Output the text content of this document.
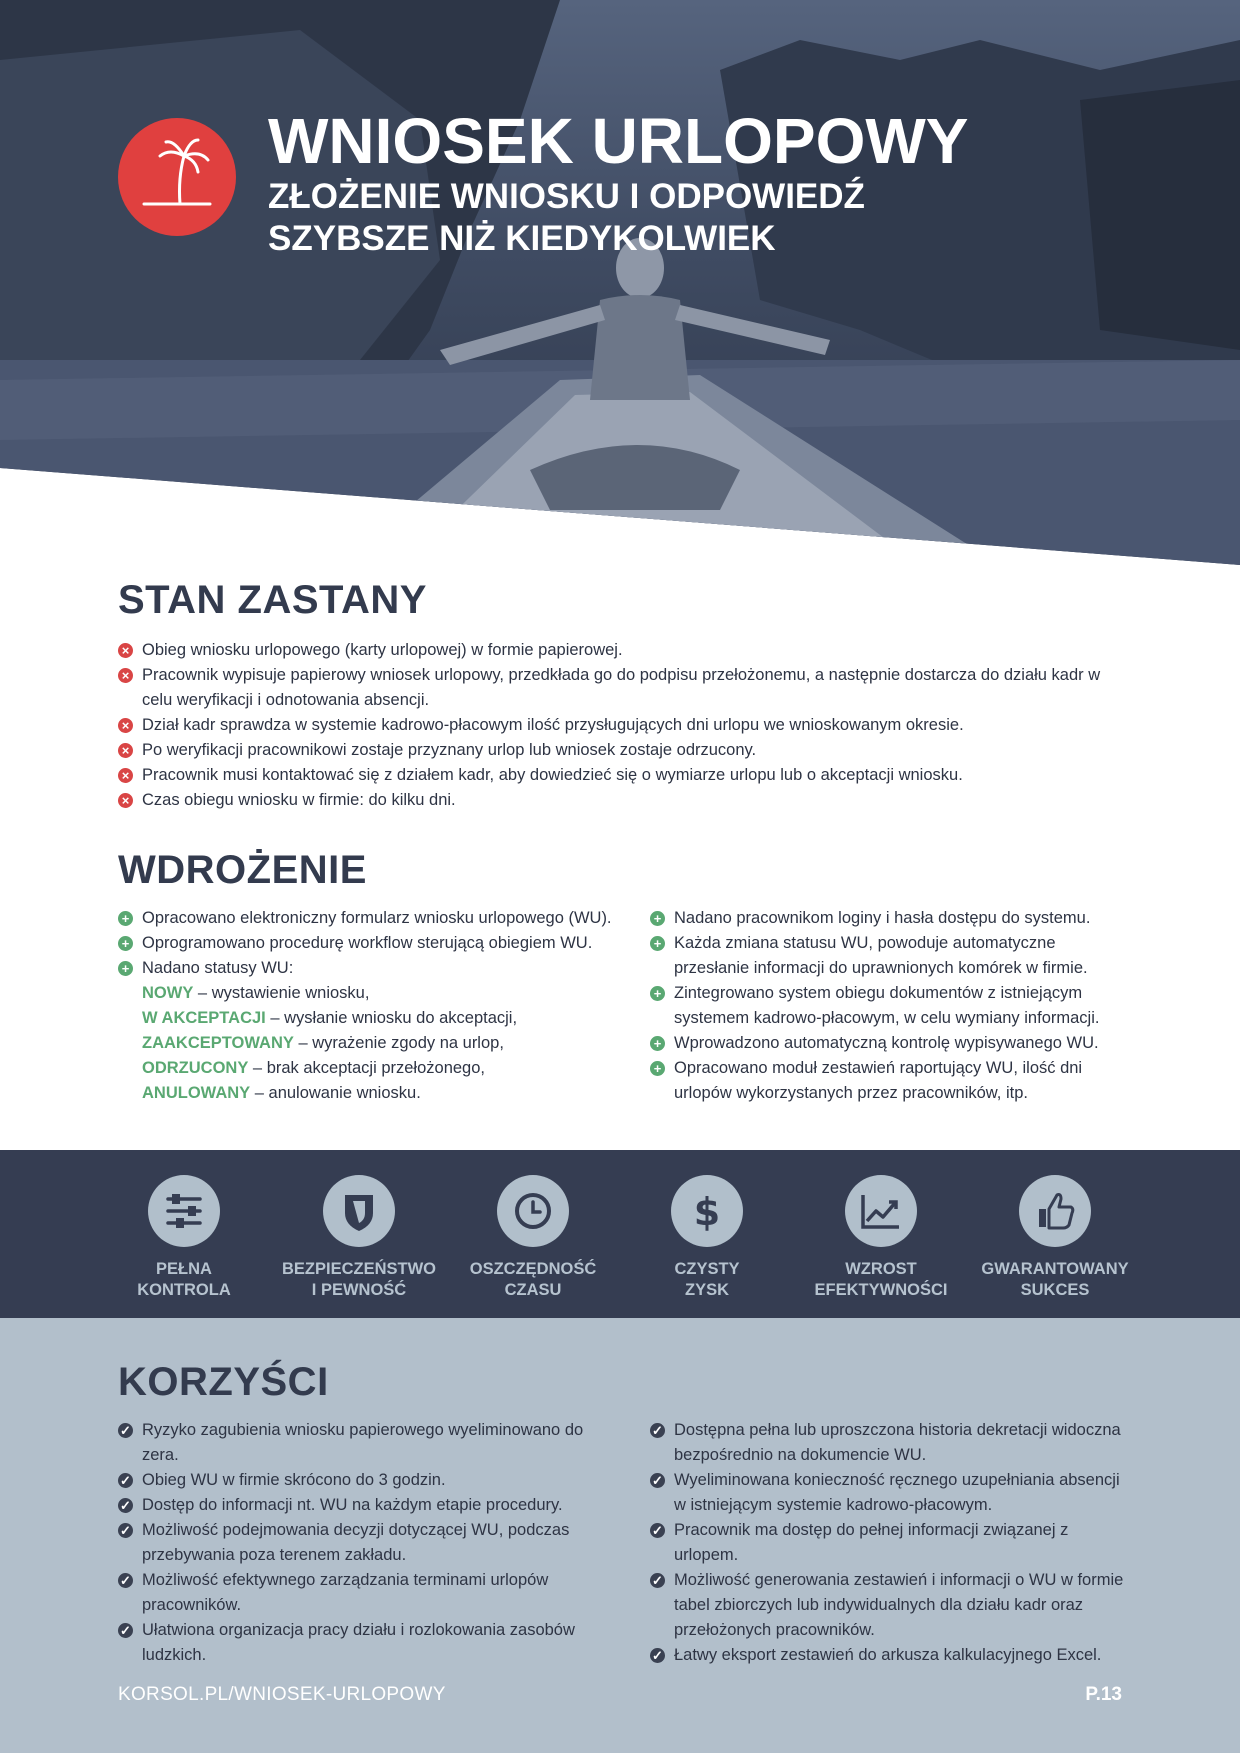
WNIOSEK URLOPOWY
ZŁOŻENIE WNIOSKU I ODPOWIEDŹ
SZYBSZE NIŻ KIEDYKOLWIEK
STAN ZASTANY
× Obieg wniosku urlopowego (karty urlopowej) w formie papierowej.
× Pracownik wypisuje papierowy wniosek urlopowy, przedkłada go do podpisu przełożonemu, a następnie dostarcza do działu kadr w celu weryfikacji i odnotowania absencji.
× Dział kadr sprawdza w systemie kadrowo-płacowym ilość przysługujących dni urlopu we wnioskowanym okresie.
× Po weryfikacji pracownikowi zostaje przyznany urlop lub wniosek zostaje odrzucony.
× Pracownik musi kontaktować się z działem kadr, aby dowiedzieć się o wymiarze urlopu lub o akceptacji wniosku.
× Czas obiegu wniosku w firmie: do kilku dni.
WDROŻENIE
+ Opracowano elektroniczny formularz wniosku urlopowego (WU).
+ Oprogramowano procedurę workflow sterującą obiegiem WU.
+ Nadano statusy WU:
NOWY – wystawienie wniosku,
W AKCEPTACJI – wysłanie wniosku do akceptacji,
ZAAKCEPTOWANY – wyrażenie zgody na urlop,
ODRZUCONY – brak akceptacji przełożonego,
ANULOWANY – anulowanie wniosku.
+ Nadano pracownikom loginy i hasła dostępu do systemu.
+ Każda zmiana statusu WU, powoduje automatyczne przesłanie informacji do uprawnionych komórek w firmie.
+ Zintegrowano system obiegu dokumentów z istniejącym systemem kadrowo-płacowym, w celu wymiany informacji.
+ Wprowadzono automatyczną kontrolę wypisywanego WU.
+ Opracowano moduł zestawień raportujący WU, ilość dni urlopów wykorzystanych przez pracowników, itp.
PEŁNA
KONTROLA
BEZPIECZEŃSTWO
I PEWNOŚĆ
OSZCZĘDNOŚĆ
CZASU
$
CZYSTY
ZYSK
WZROST
EFEKTYWNOŚCI
GWARANTOWANY
SUKCES
KORZYŚCI
✓ Ryzyko zagubienia wniosku papierowego wyeliminowano do zera.
✓ Obieg WU w firmie skrócono do 3 godzin.
✓ Dostęp do informacji nt. WU na każdym etapie procedury.
✓ Możliwość podejmowania decyzji dotyczącej WU, podczas przebywania poza terenem zakładu.
✓ Możliwość efektywnego zarządzania terminami urlopów pracowników.
✓ Ułatwiona organizacja pracy działu i rozlokowania zasobów ludzkich.
✓ Dostępna pełna lub uproszczona historia dekretacji widoczna bezpośrednio na dokumencie WU.
✓ Wyeliminowana konieczność ręcznego uzupełniania absencji w istniejącym systemie kadrowo-płacowym.
✓ Pracownik ma dostęp do pełnej informacji związanej z urlopem.
✓ Możliwość generowania zestawień i informacji o WU w formie tabel zbiorczych lub indywidualnych dla działu kadr oraz przełożonych pracowników.
✓ Łatwy eksport zestawień do arkusza kalkulacyjnego Excel.
KORSOL.PL/WNIOSEK-URLOPOWY	P.13
